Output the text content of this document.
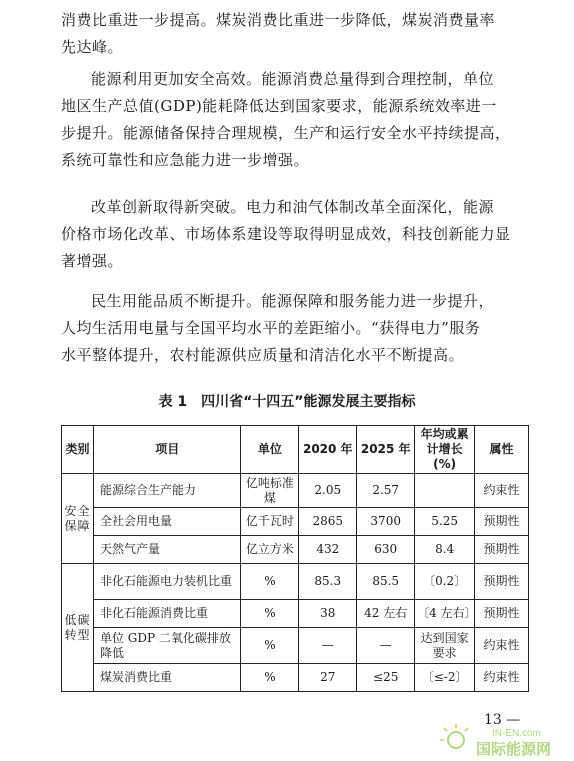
消费比重进一步提高。煤炭消费比重进一步降低，煤炭消费量率
先达峰。
能源利用更加安全高效。能源消费总量得到合理控制，单位
地区生产总值(GDP)能耗降低达到国家要求，能源系统效率进一
步提升。能源储备保持合理规模，生产和运行安全水平持续提高，
系统可靠性和应急能力进一步增强。
改革创新取得新突破。电力和油气体制改革全面深化，能源
价格市场化改革、市场体系建设等取得明显成效，科技创新能力显
著增强。
民生用能品质不断提升。能源保障和服务能力进一步提升，
人均生活用电量与全国平均水平的差距缩小。“获得电力”服务
水平整体提升，农村能源供应质量和清洁化水平不断提高。
表 1　四川省“十四五”能源发展主要指标
类别	项目	单位	2020 年	2025 年	年均或累计增长(%)	属性
安全保障	能源综合生产能力	亿吨标准煤	2.05	2.57		约束性
	全社会用电量	亿千瓦时	2865	3700	5.25	预期性
	天然气产量	亿立方米	432	630	8.4	预期性
低碳转型	非化石能源电力装机比重	%	85.3	85.5	〔0.2〕	预期性
	非化石能源消费比重	%	38	42 左右	〔4 左右〕	预期性
	单位 GDP 二氧化碳排放降低	%	—	—	达到国家要求	约束性
	煤炭消费比重	%	27	≤25	〔≤-2〕	约束性
13 —
IN-EN.com
国际能源网
